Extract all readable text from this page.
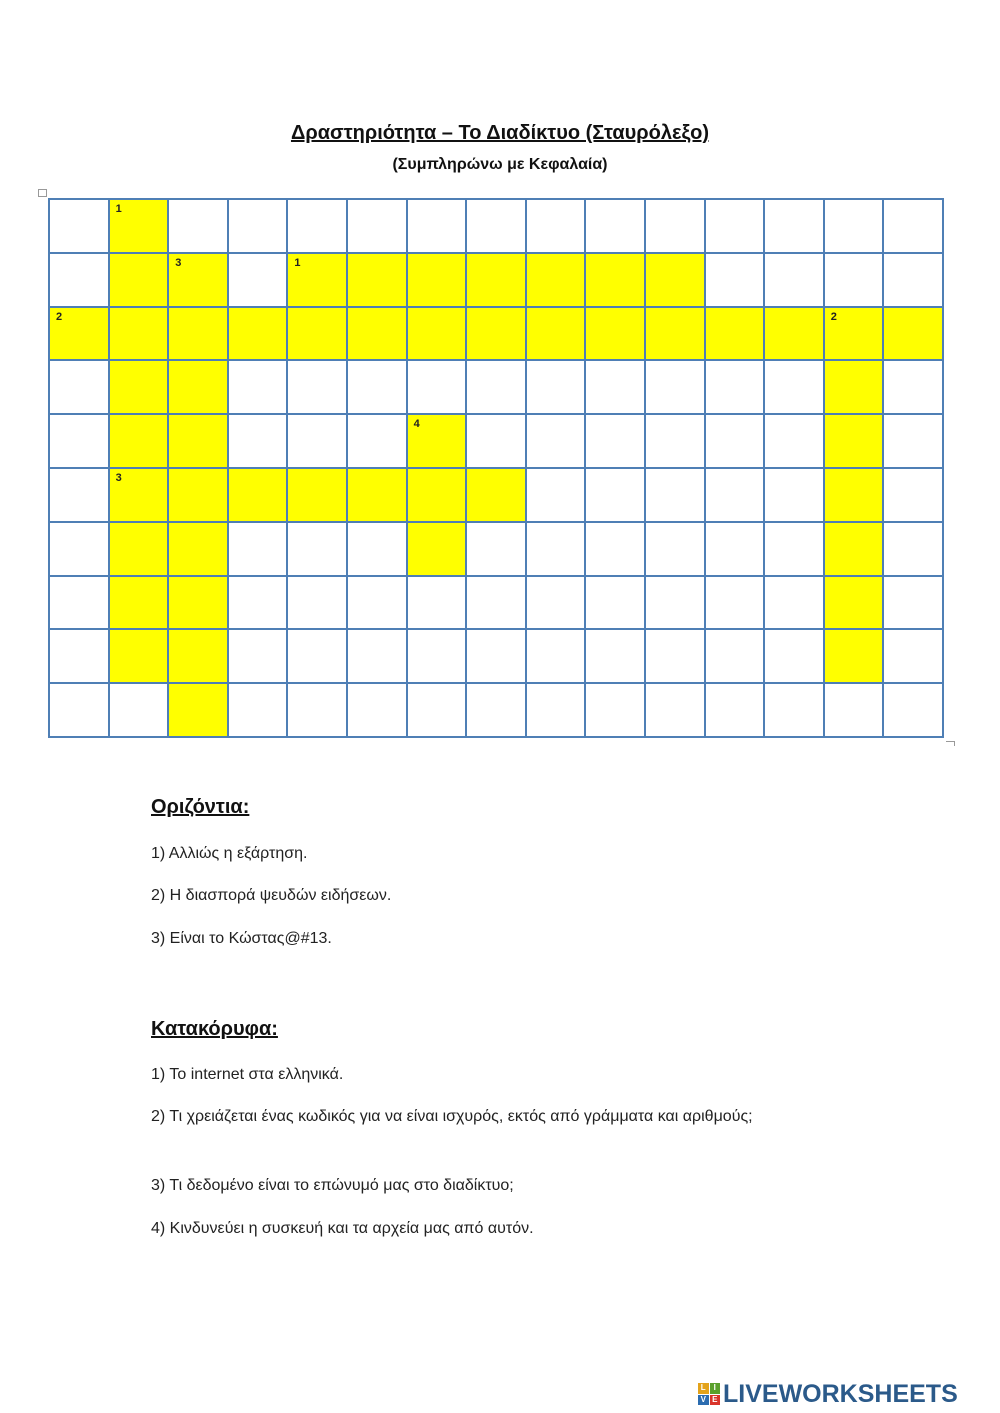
Δραστηριότητα – Το Διαδίκτυο (Σταυρόλεξο)
(Συμπληρώνω με Κεφαλαία)
1
3	1
2	2
4
3
Οριζόντια:
1) Αλλιώς η εξάρτηση.
2) Η διασπορά ψευδών ειδήσεων.
3) Είναι το Κώστας@#13.
Κατακόρυφα:
1) Το internet στα ελληνικά.
2) Τι χρειάζεται ένας κωδικός για να είναι ισχυρός, εκτός από γράμματα και αριθμούς;
3) Τι δεδομένο είναι το επώνυμό μας στο διαδίκτυο;
4) Κινδυνεύει η συσκευή και τα αρχεία μας από αυτόν.
L I
V E LIVEWORKSHEETS
